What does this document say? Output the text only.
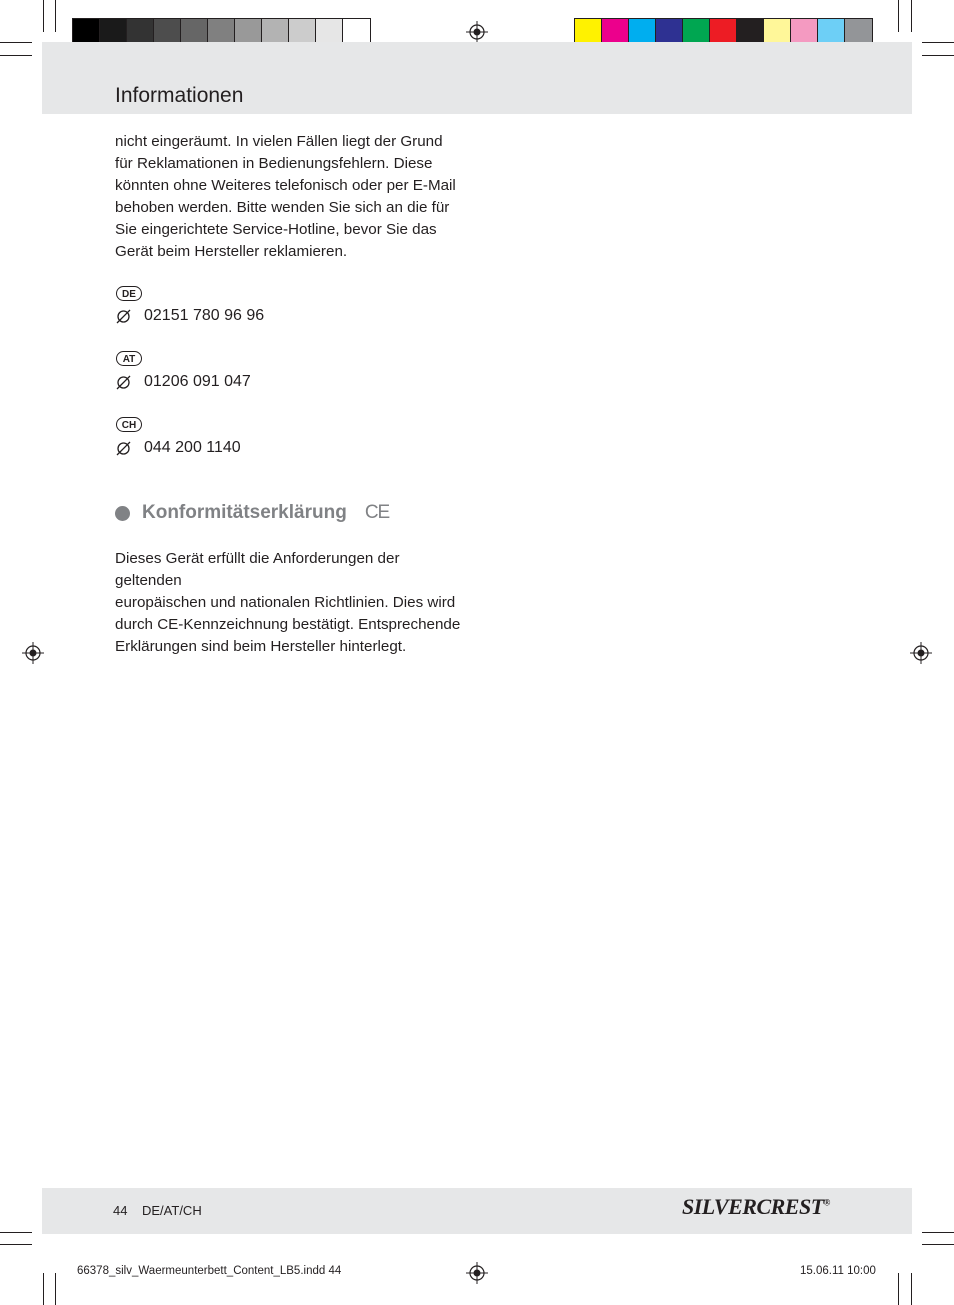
Informationen
nicht eingeräumt. In vielen Fällen liegt der Grund
für Reklamationen in Bedienungsfehlern. Diese
könnten ohne Weiteres telefonisch oder per E-Mail
behoben werden. Bitte wenden Sie sich an die für
Sie eingerichtete Service-Hotline, bevor Sie das
Gerät beim Hersteller reklamieren.
DE
02151 780 96 96
AT
01206 091 047
CH
044 200 1140
Konformitätserklärung CE
Dieses Gerät erfüllt die Anforderungen der geltenden
europäischen und nationalen Richtlinien. Dies wird
durch CE-Kennzeichnung bestätigt. Entsprechende
Erklärungen sind beim Hersteller hinterlegt.
44 DE/AT/CH	SILVERCREST®
66378_silv_Waermeunterbett_Content_LB5.indd 44	15.06.11 10:00
